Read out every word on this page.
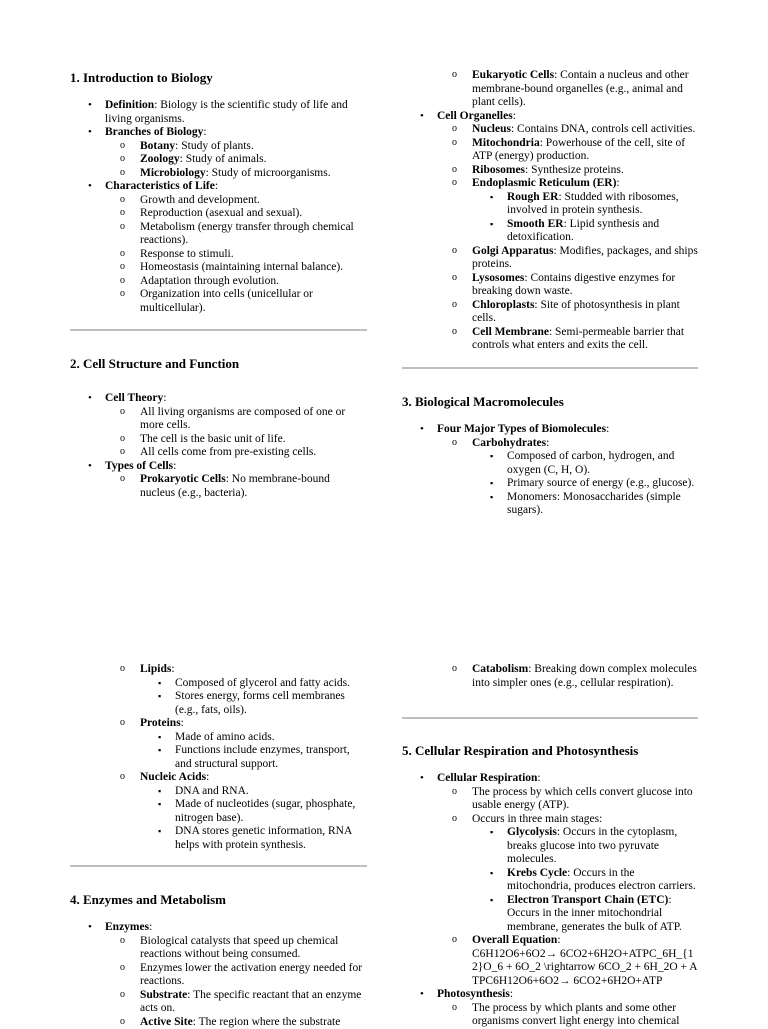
1. Introduction to Biology
• Definition: Biology is the scientific study of life and living organisms.
• Branches of Biology:
o Botany: Study of plants.
o Zoology: Study of animals.
o Microbiology: Study of microorganisms.
• Characteristics of Life:
o Growth and development.
o Reproduction (asexual and sexual).
o Metabolism (energy transfer through chemical reactions).
o Response to stimuli.
o Homeostasis (maintaining internal balance).
o Adaptation through evolution.
o Organization into cells (unicellular or multicellular).
2. Cell Structure and Function
• Cell Theory:
o All living organisms are composed of one or more cells.
o The cell is the basic unit of life.
o All cells come from pre-existing cells.
• Types of Cells:
o Prokaryotic Cells: No membrane-bound nucleus (e.g., bacteria).
o Eukaryotic Cells: Contain a nucleus and other membrane-bound organelles (e.g., animal and plant cells).
• Cell Organelles:
o Nucleus: Contains DNA, controls cell activities.
o Mitochondria: Powerhouse of the cell, site of ATP (energy) production.
o Ribosomes: Synthesize proteins.
o Endoplasmic Reticulum (ER):
▪ Rough ER: Studded with ribosomes, involved in protein synthesis.
▪ Smooth ER: Lipid synthesis and detoxification.
o Golgi Apparatus: Modifies, packages, and ships proteins.
o Lysosomes: Contains digestive enzymes for breaking down waste.
o Chloroplasts: Site of photosynthesis in plant cells.
o Cell Membrane: Semi-permeable barrier that controls what enters and exits the cell.
3. Biological Macromolecules
• Four Major Types of Biomolecules:
o Carbohydrates:
▪ Composed of carbon, hydrogen, and oxygen (C, H, O).
▪ Primary source of energy (e.g., glucose).
▪ Monomers: Monosaccharides (simple sugars).
o Lipids:
▪ Composed of glycerol and fatty acids.
▪ Stores energy, forms cell membranes (e.g., fats, oils).
o Proteins:
▪ Made of amino acids.
▪ Functions include enzymes, transport, and structural support.
o Nucleic Acids:
▪ DNA and RNA.
▪ Made of nucleotides (sugar, phosphate, nitrogen base).
▪ DNA stores genetic information, RNA helps with protein synthesis.
4. Enzymes and Metabolism
• Enzymes:
o Biological catalysts that speed up chemical reactions without being consumed.
o Enzymes lower the activation energy needed for reactions.
o Substrate: The specific reactant that an enzyme acts on.
o Active Site: The region where the substrate
o Catabolism: Breaking down complex molecules into simpler ones (e.g., cellular respiration).
5. Cellular Respiration and Photosynthesis
• Cellular Respiration:
o The process by which cells convert glucose into usable energy (ATP).
o Occurs in three main stages:
▪ Glycolysis: Occurs in the cytoplasm, breaks glucose into two pyruvate molecules.
▪ Krebs Cycle: Occurs in the mitochondria, produces electron carriers.
▪ Electron Transport Chain (ETC): Occurs in the inner mitochondrial membrane, generates the bulk of ATP.
o Overall Equation:
C6H12O6+6O2→ 6CO2+6H2O+ATPC_6H_{12}O_6 + 6O_2 \rightarrow 6CO_2 + 6H_2O + ATPC6H12O6+6O2→ 6CO2+6H2O+ATP
• Photosynthesis:
o The process by which plants and some other organisms convert light energy into chemical
